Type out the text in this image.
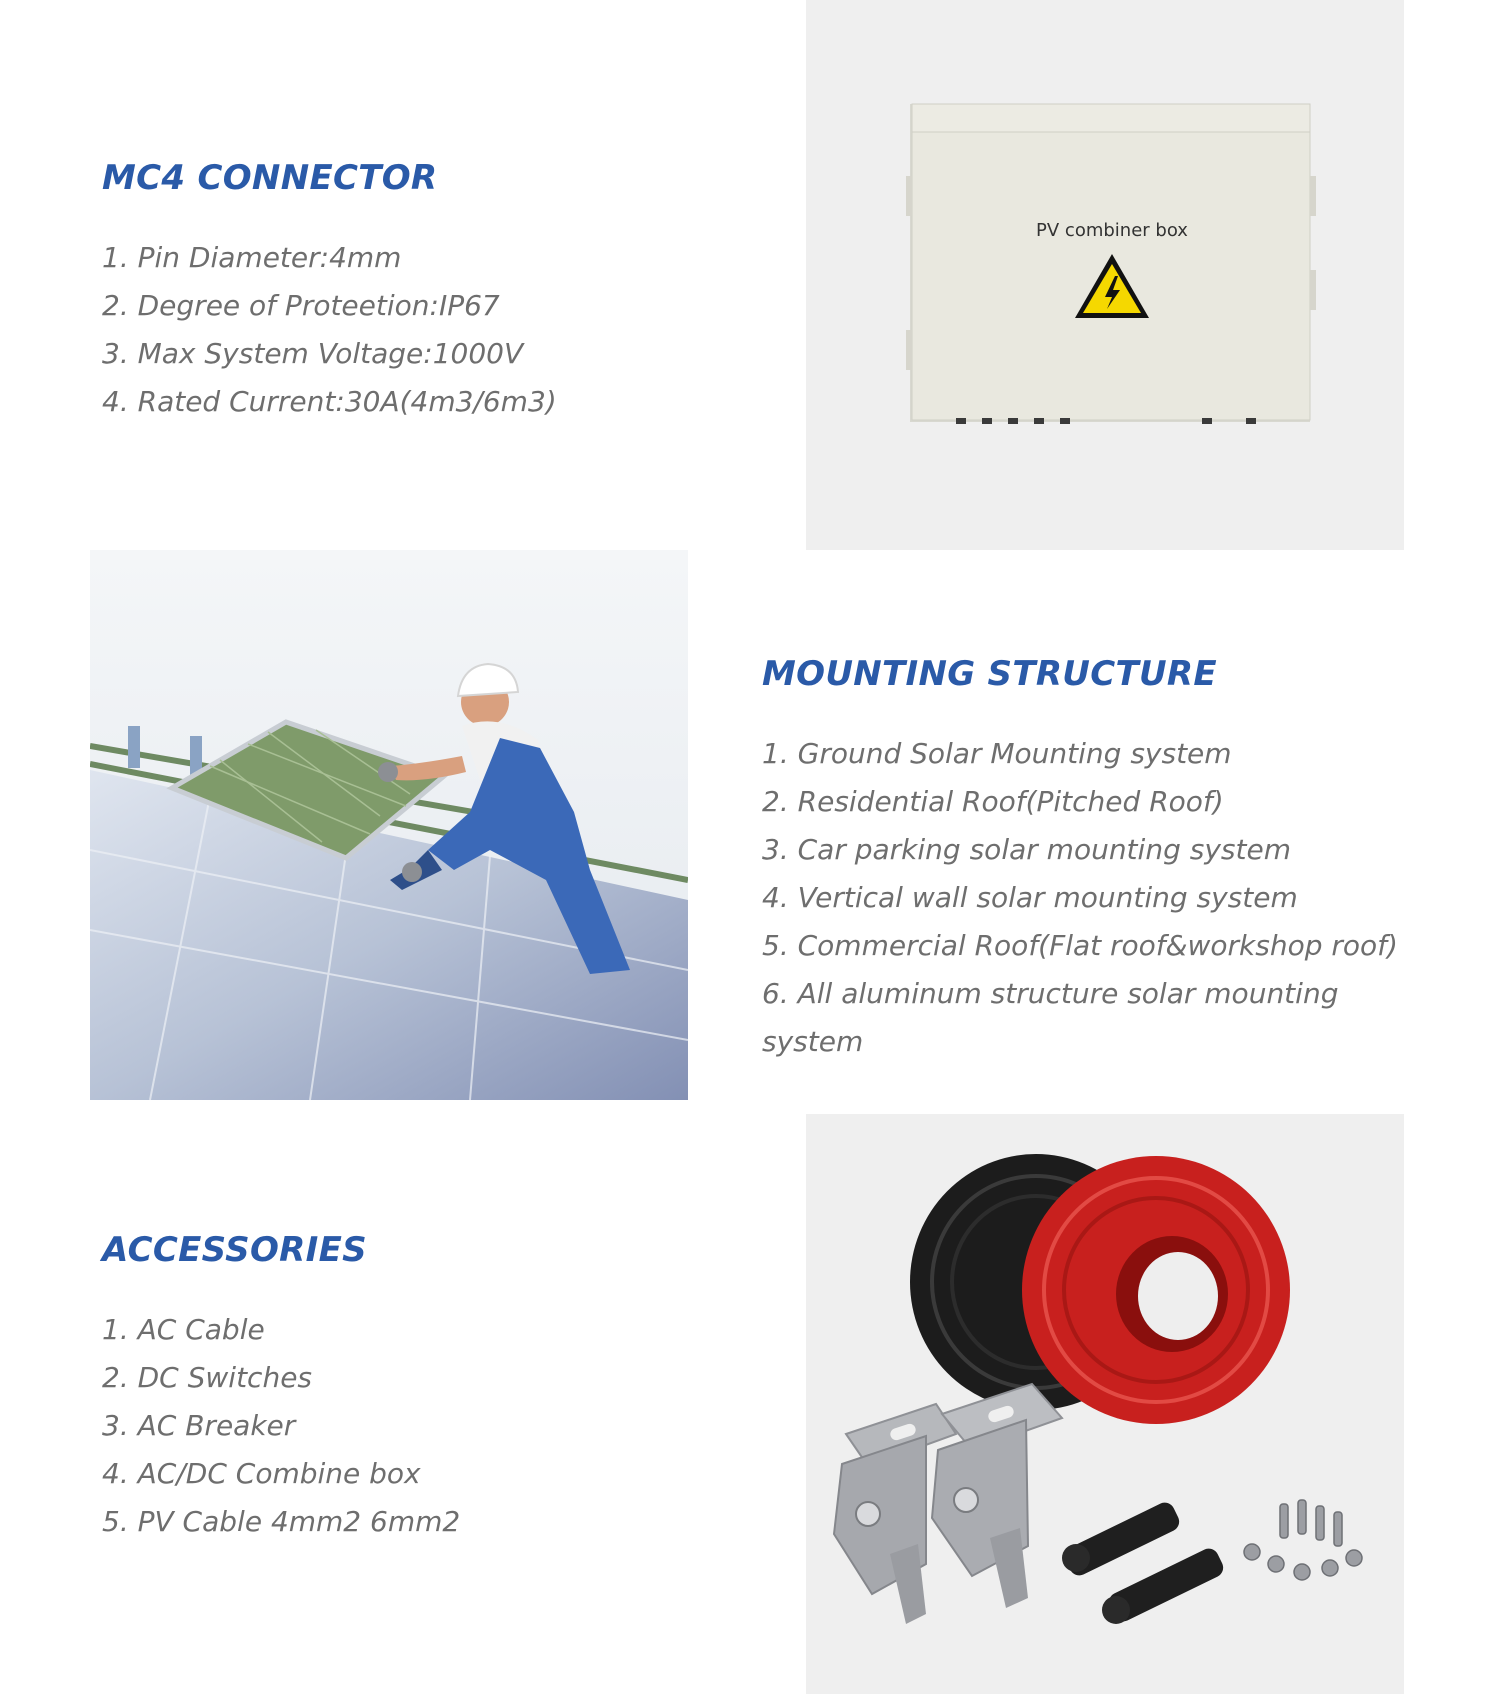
MC4 CONNECTOR
1. Pin Diameter:4mm
2. Degree of Proteetion:IP67
3. Max System Voltage:1000V
4. Rated Current:30A(4m3/6m3)
PV combiner box
MOUNTING STRUCTURE
1. Ground Solar Mounting system
2. Residential Roof(Pitched Roof)
3. Car parking solar mounting system
4. Vertical wall solar mounting system
5. Commercial Roof(Flat roof&workshop roof)
6. All aluminum structure solar mounting
system
ACCESSORIES
1. AC Cable
2. DC Switches
3. AC Breaker
4. AC/DC Combine box
5. PV Cable 4mm2 6mm2
